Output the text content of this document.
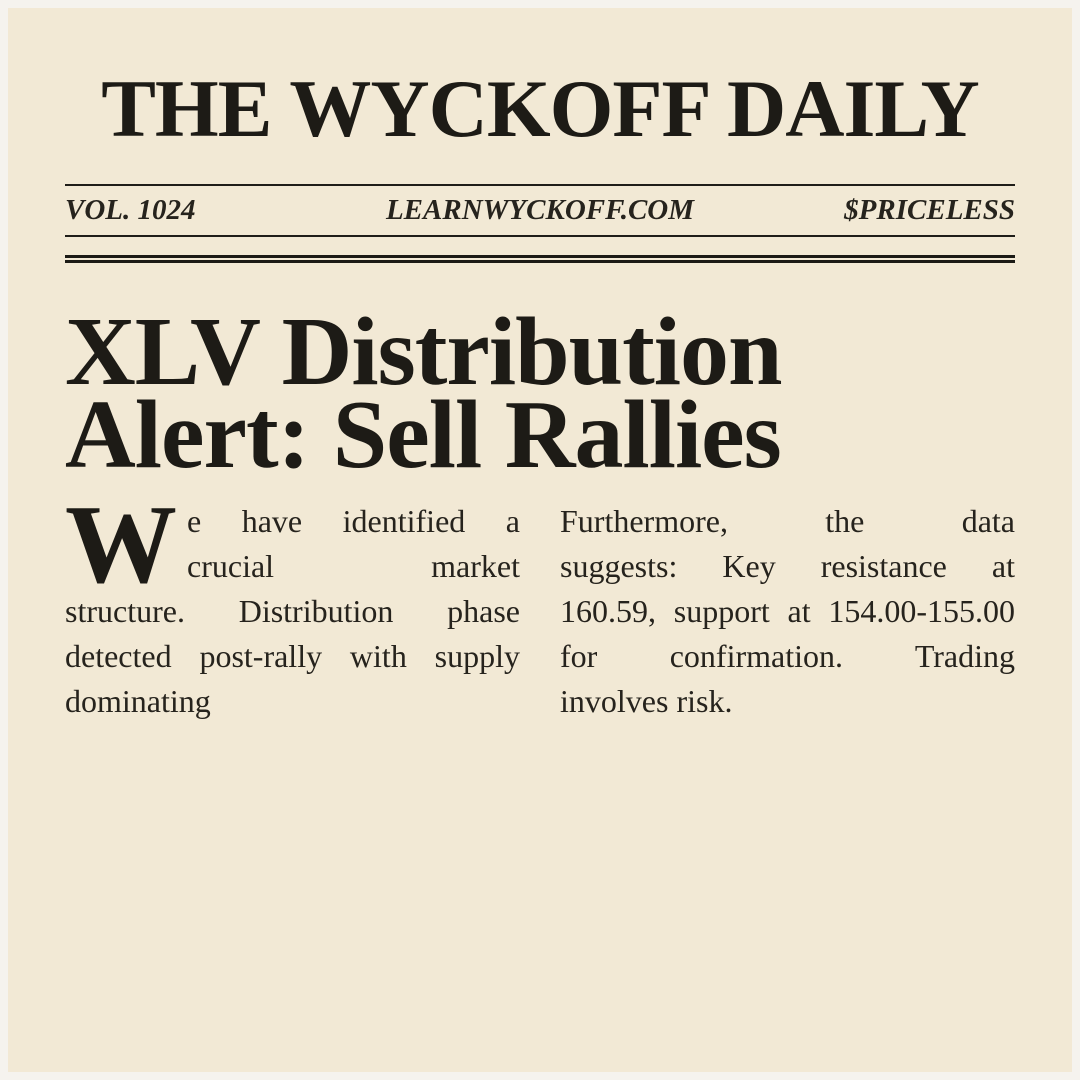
THE WYCKOFF DAILY
VOL. 1024	LEARNWYCKOFF.COM	$PRICELESS
XLV Distribution
Alert: Sell Rallies
W e have identified a
crucial market
structure. Distribution phase
detected post-rally with supply
dominating
Furthermore, the data
suggests: Key resistance at
160.59, support at 154.00-155.00
for confirmation. Trading
involves risk.
